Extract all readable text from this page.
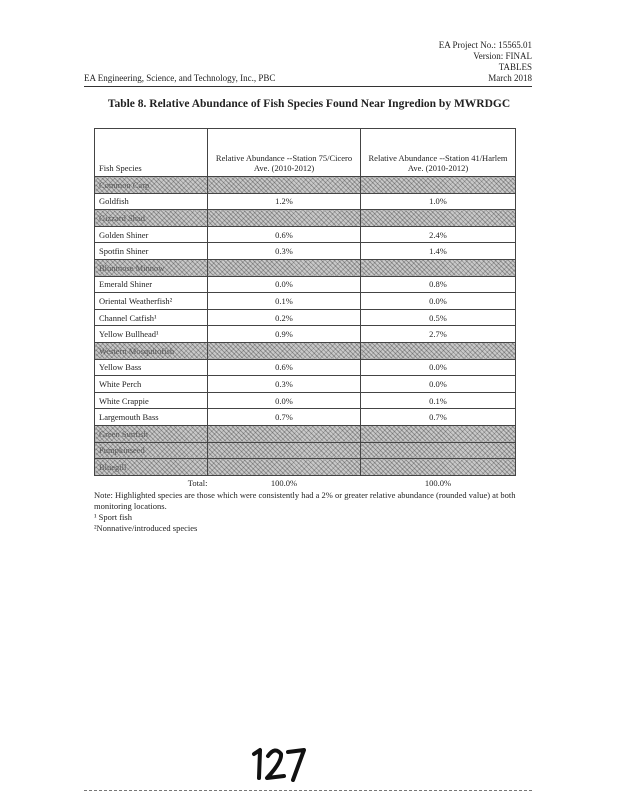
EA Project No.: 15565.01
Version: FINAL
TABLES
March 2018
EA Engineering, Science, and Technology, Inc., PBC
Table 8. Relative Abundance of Fish Species Found Near Ingredion by MWRDGC
Fish Species	Relative Abundance --Station 75/Cicero Ave. (2010-2012)	Relative Abundance --Station 41/Harlem Ave. (2010-2012)
Common Carp		
Goldfish	1.2%	1.0%
Gizzard Shad		
Golden Shiner	0.6%	2.4%
Spotfin Shiner	0.3%	1.4%
Bluntnose Minnow		
Emerald Shiner	0.0%	0.8%
Oriental Weatherfish²	0.1%	0.0%
Channel Catfish¹	0.2%	0.5%
Yellow Bullhead¹	0.9%	2.7%
Western Mosquitofish		
Yellow Bass	0.6%	0.0%
White Perch	0.3%	0.0%
White Crappie	0.0%	0.1%
Largemouth Bass	0.7%	0.7%
Green Sunfish		
Pumpkinseed		
Bluegill		
Total:	100.0%	100.0%
Note: Highlighted species are those which were consistently had a 2% or greater relative abundance (rounded value) at both monitoring locations.
¹ Sport fish
²Nonnative/introduced species
